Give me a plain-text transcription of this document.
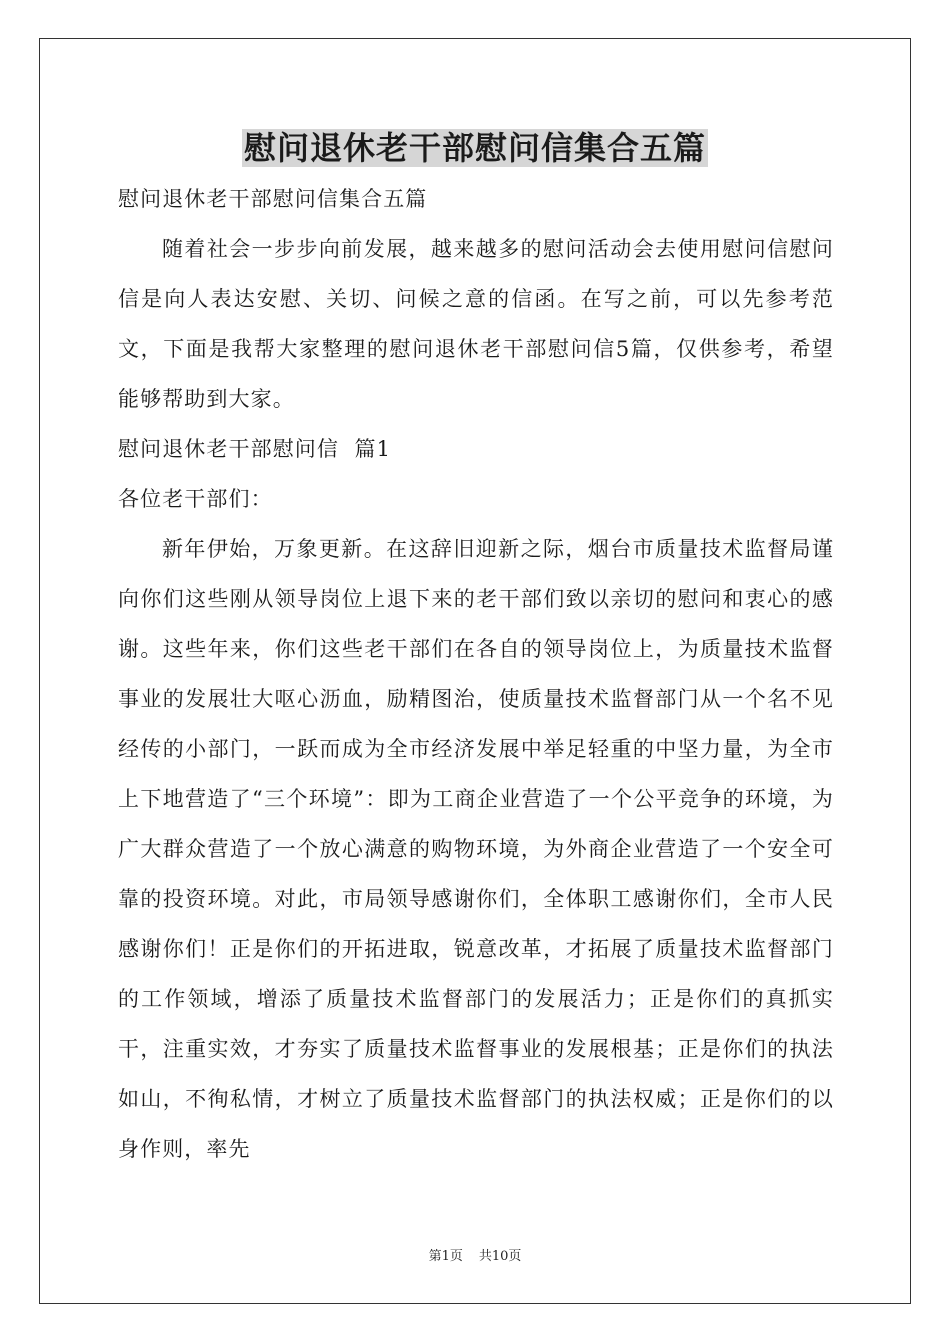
慰问退休老干部慰问信集合五篇

慰问退休老干部慰问信集合五篇

随着社会一步步向前发展，越来越多的慰问活动会去使用慰问信慰问信是向人表达安慰、关切、问候之意的信函。在写之前，可以先参考范文，下面是我帮大家整理的慰问退休老干部慰问信5篇，仅供参考，希望能够帮助到大家。

慰问退休老干部慰问信  篇1

各位老干部们：

新年伊始，万象更新。在这辞旧迎新之际，烟台市质量技术监督局谨向你们这些刚从领导岗位上退下来的老干部们致以亲切的慰问和衷心的感谢。这些年来，你们这些老干部们在各自的领导岗位上，为质量技术监督事业的发展壮大呕心沥血，励精图治，使质量技术监督部门从一个名不见经传的小部门，一跃而成为全市经济发展中举足轻重的中坚力量，为全市上下地营造了“三个环境”：即为工商企业营造了一个公平竞争的环境，为广大群众营造了一个放心满意的购物环境，为外商企业营造了一个安全可靠的投资环境。对此，市局领导感谢你们，全体职工感谢你们，全市人民感谢你们！正是你们的开拓进取，锐意改革，才拓展了质量技术监督部门的工作领域，增添了质量技术监督部门的发展活力；正是你们的真抓实干，注重实效，才夯实了质量技术监督事业的发展根基；正是你们的执法如山，不徇私情，才树立了质量技术监督部门的执法权威；正是你们的以身作则，率先

第1页 共10页
